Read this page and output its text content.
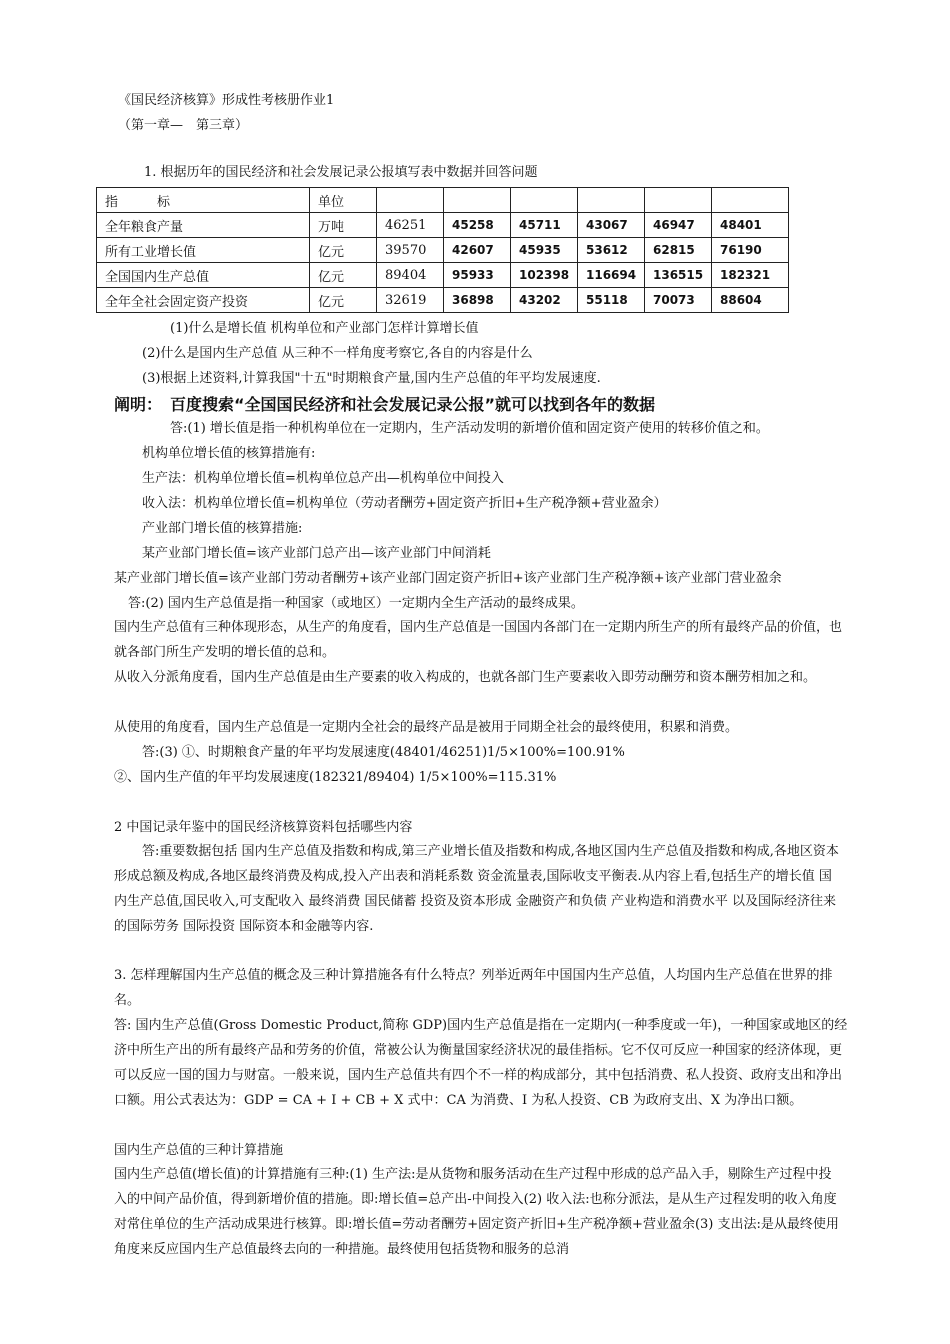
《国民经济核算》形成性考核册作业1
（第一章—　第三章）
1. 根据历年的国民经济和社会发展记录公报填写表中数据并回答问题
指　　　标	单位						
全年粮食产量	万吨	46251	45258	45711	43067	46947	48401
所有工业增长值	亿元	39570	42607	45935	53612	62815	76190
全国国内生产总值	亿元	89404	95933	102398	116694	136515	182321
全年全社会固定资产投资	亿元	32619	36898	43202	55118	70073	88604
(1)什么是增长值 机构单位和产业部门怎样计算增长值
(2)什么是国内生产总值 从三种不一样角度考察它,各自的内容是什么
(3)根据上述资料,计算我国"十五"时期粮食产量,国内生产总值的年平均发展速度.
阐明：　百度搜索“全国国民经济和社会发展记录公报”就可以找到各年的数据
答:(1) 增长值是指一种机构单位在一定期内，生产活动发明的新增价值和固定资产使用的转移价值之和。
机构单位增长值的核算措施有:
生产法：机构单位增长值=机构单位总产出—机构单位中间投入
收入法：机构单位增长值=机构单位（劳动者酬劳+固定资产折旧+生产税净额+营业盈余）
产业部门增长值的核算措施:
某产业部门增长值=该产业部门总产出—该产业部门中间消耗
某产业部门增长值=该产业部门劳动者酬劳+该产业部门固定资产折旧+该产业部门生产税净额+该产业部门营业盈余
答:(2) 国内生产总值是指一种国家（或地区）一定期内全生产活动的最终成果。
国内生产总值有三种体现形态，从生产的角度看，国内生产总值是一国国内各部门在一定期内所生产的所有最终产品的价值，也就各部门所生产发明的增长值的总和。
从收入分派角度看，国内生产总值是由生产要素的收入构成的，也就各部门生产要素收入即劳动酬劳和资本酬劳相加之和。
从使用的角度看，国内生产总值是一定期内全社会的最终产品是被用于同期全社会的最终使用，积累和消费。
答:(3) ①、时期粮食产量的年平均发展速度(48401/46251)1/5×100%=100.91%
②、国内生产值的年平均发展速度(182321/89404) 1/5×100%=115.31%
2 中国记录年鉴中的国民经济核算资料包括哪些内容
答:重要数据包括 国内生产总值及指数和构成,第三产业增长值及指数和构成,各地区国内生产总值及指数和构成,各地区资本形成总额及构成,各地区最终消费及构成,投入产出表和消耗系数 资金流量表,国际收支平衡表.从内容上看,包括生产的增长值 国内生产总值,国民收入,可支配收入 最终消费 国民储蓄 投资及资本形成 金融资产和负债 产业构造和消费水平 以及国际经济往来的国际劳务 国际投资 国际资本和金融等内容.
3. 怎样理解国内生产总值的概念及三种计算措施各有什么特点？列举近两年中国国内生产总值，人均国内生产总值在世界的排名。
答: 国内生产总值(Gross Domestic Product,简称 GDP)国内生产总值是指在一定期内(一种季度或一年)，一种国家或地区的经济中所生产出的所有最终产品和劳务的价值，常被公认为衡量国家经济状况的最佳指标。它不仅可反应一种国家的经济体现，更可以反应一国的国力与财富。一般来说，国内生产总值共有四个不一样的构成部分，其中包括消费、私人投资、政府支出和净出口额。用公式表达为：GDP = CA + I + CB + X 式中：CA 为消费、I 为私人投资、CB 为政府支出、X 为净出口额。
国内生产总值的三种计算措施
国内生产总值(增长值)的计算措施有三种:(1) 生产法:是从货物和服务活动在生产过程中形成的总产品入手，剔除生产过程中投入的中间产品价值，得到新增价值的措施。即:增长值=总产出-中间投入(2) 收入法:也称分派法，是从生产过程发明的收入角度对常住单位的生产活动成果进行核算。即:增长值=劳动者酬劳+固定资产折旧+生产税净额+营业盈余(3) 支出法:是从最终使用角度来反应国内生产总值最终去向的一种措施。最终使用包括货物和服务的总消
